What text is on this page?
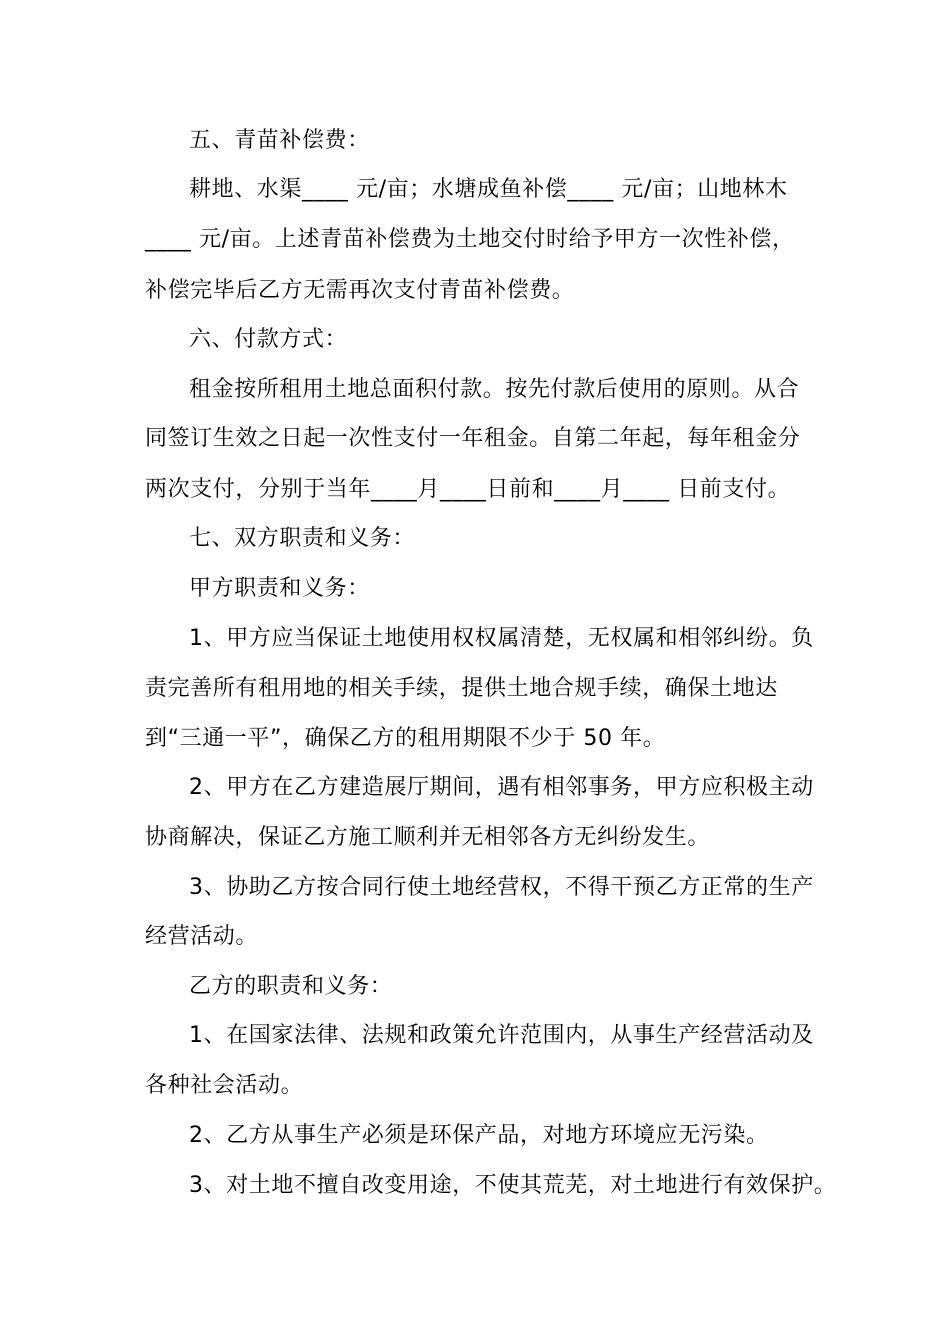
五、青苗补偿费：
耕地、水渠____ 元/亩；水塘成鱼补偿____ 元/亩；山地林木
____ 元/亩。上述青苗补偿费为土地交付时给予甲方一次性补偿，
补偿完毕后乙方无需再次支付青苗补偿费。
六、付款方式：
租金按所租用土地总面积付款。按先付款后使用的原则。从合
同签订生效之日起一次性支付一年租金。自第二年起，每年租金分
两次支付，分别于当年____月____日前和____月____ 日前支付。
七、双方职责和义务：
甲方职责和义务：
1、甲方应当保证土地使用权权属清楚，无权属和相邻纠纷。负
责完善所有租用地的相关手续，提供土地合规手续，确保土地达
到“三通一平”，确保乙方的租用期限不少于 50 年。
2、甲方在乙方建造展厅期间，遇有相邻事务，甲方应积极主动
协商解决，保证乙方施工顺利并无相邻各方无纠纷发生。
3、协助乙方按合同行使土地经营权，不得干预乙方正常的生产
经营活动。
乙方的职责和义务：
1、在国家法律、法规和政策允许范围内，从事生产经营活动及
各种社会活动。
2、乙方从事生产必须是环保产品，对地方环境应无污染。
3、对土地不擅自改变用途，不使其荒芜，对土地进行有效保护。
